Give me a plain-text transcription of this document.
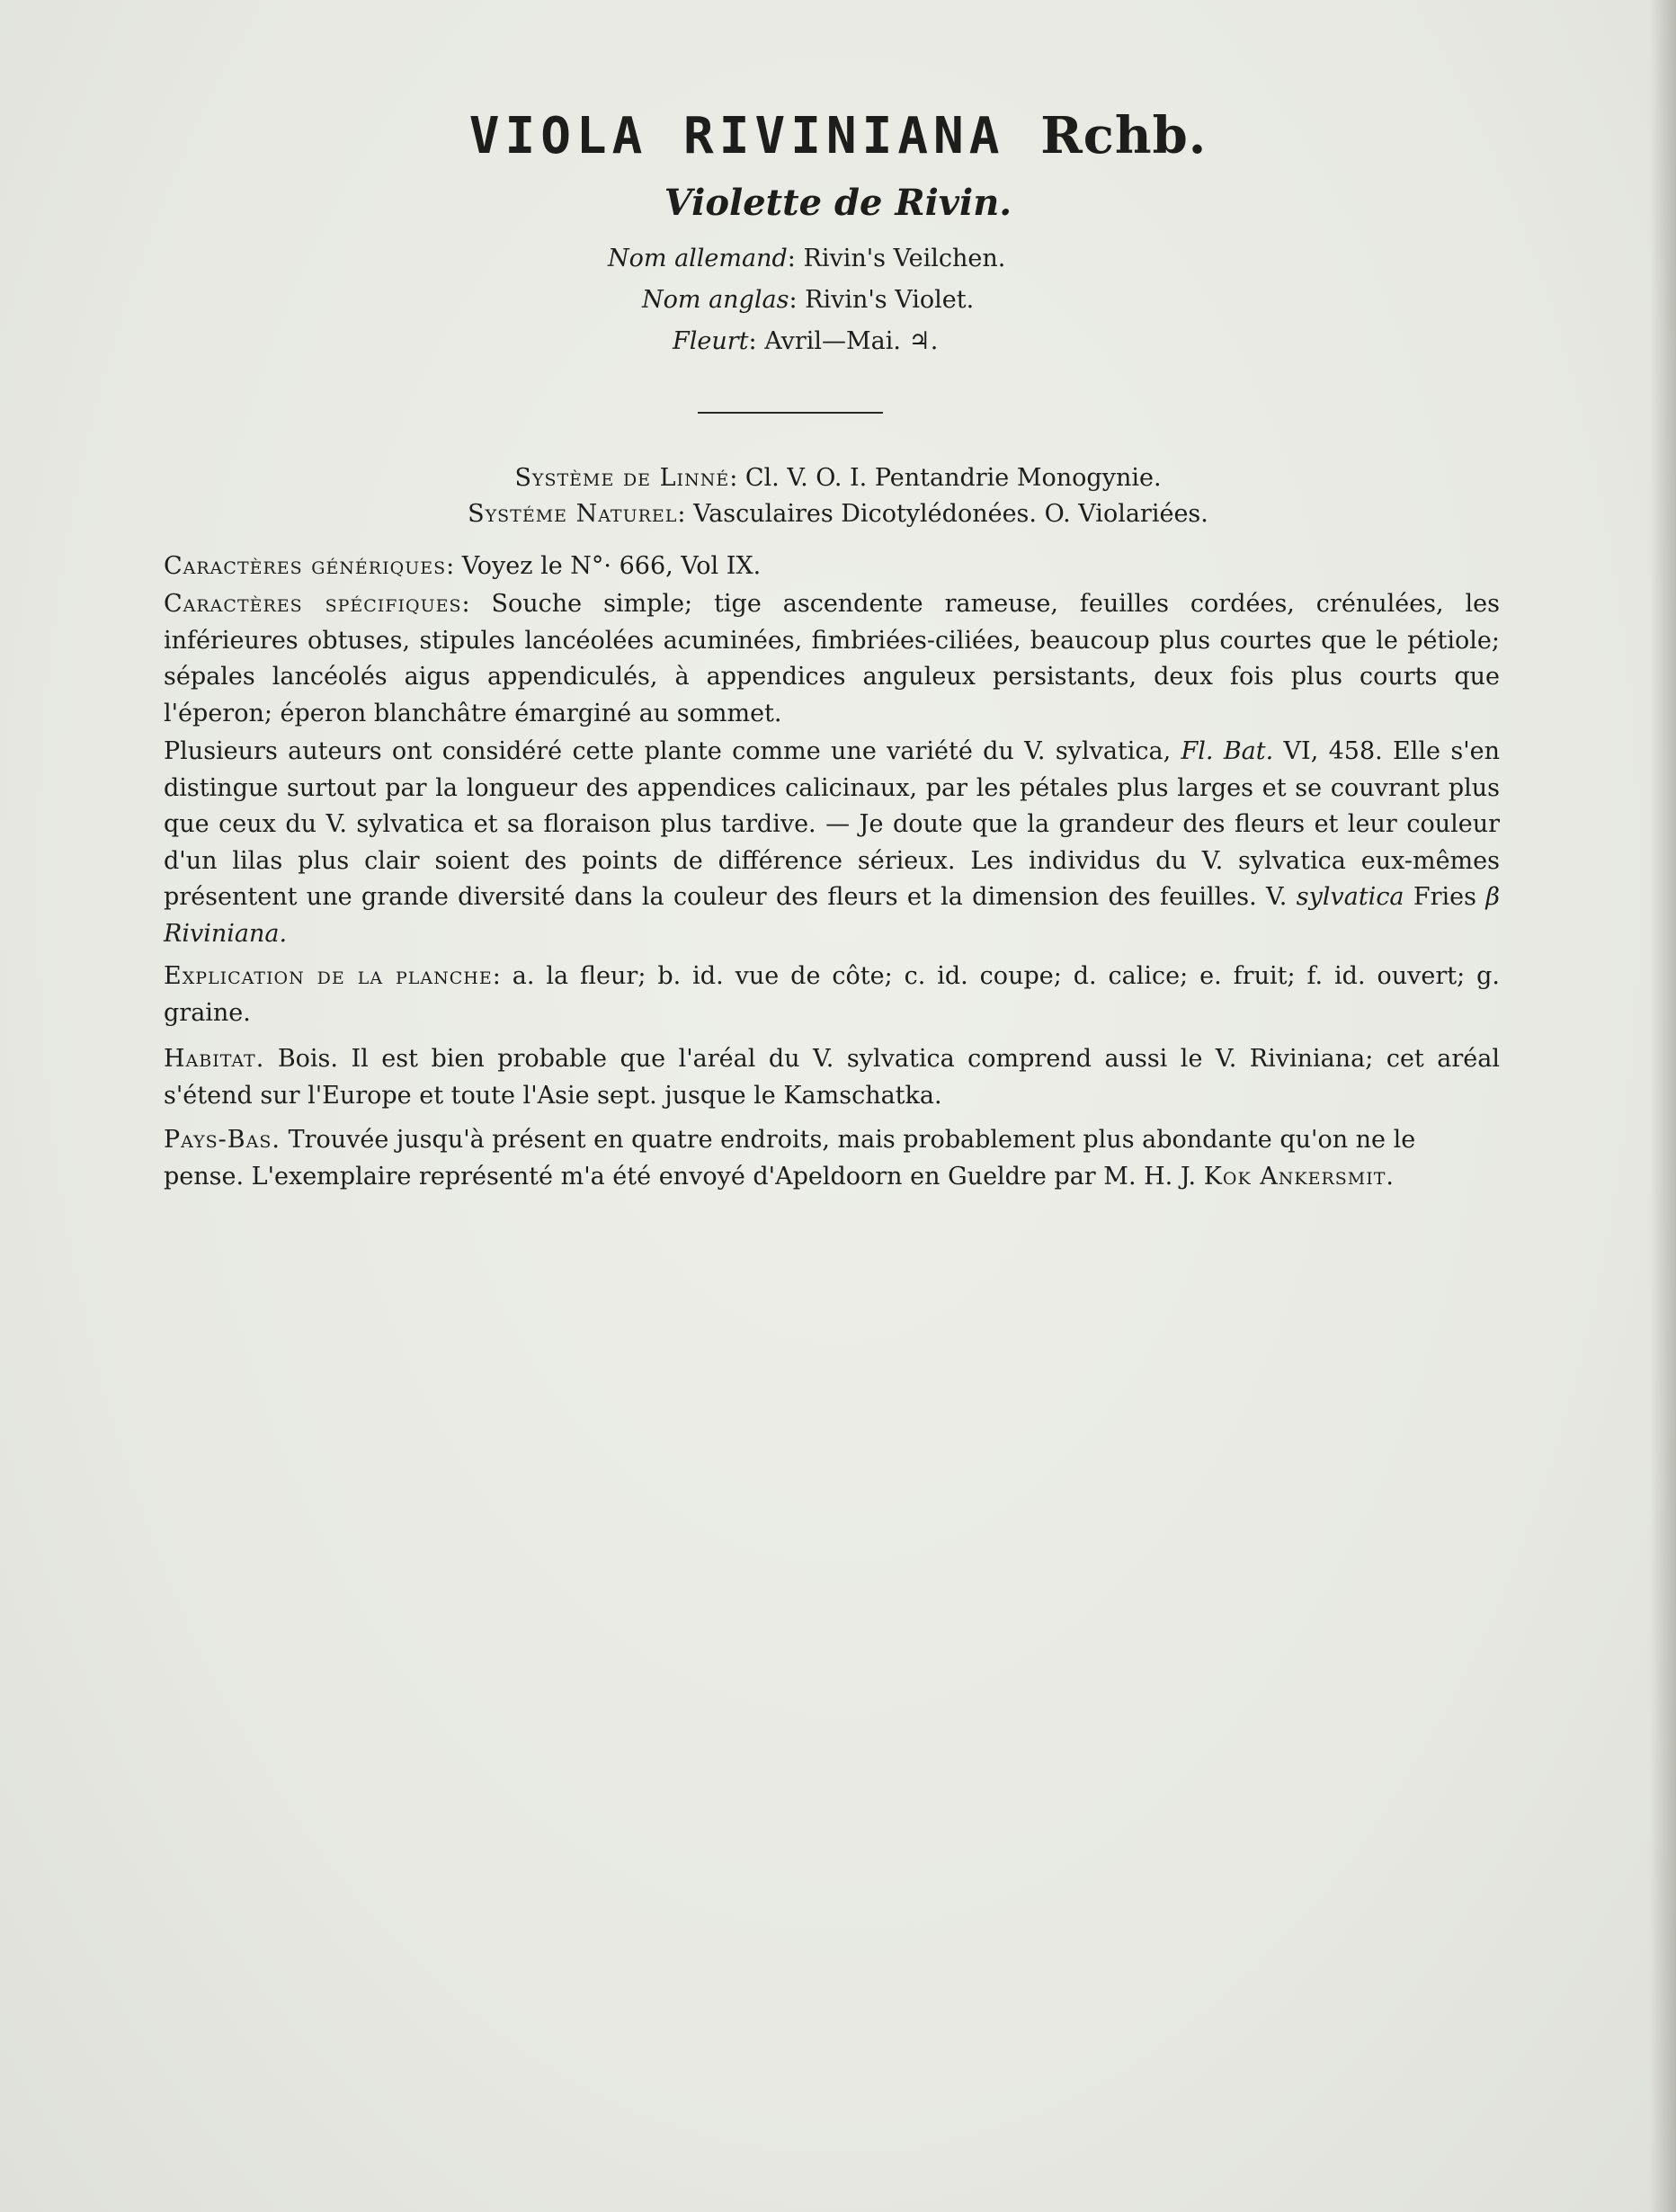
VIOLA RIVINIANA Rchb.
Violette de Rivin.
Nom allemand: Rivin's Veilchen.
Nom anglas: Rivin's Violet.
Fleurt: Avril—Mai. ♃.
Système de Linné: Cl. V. O. I. Pentandrie Monogynie.
Systéme Naturel: Vasculaires Dicotylédonées. O. Violariées.
Caractères génériques: Voyez le N°· 666, Vol IX.
Caractères spécifiques: Souche simple; tige ascendente rameuse, feuilles cordées, crénulées, les inférieures obtuses, stipules lancéolées acuminées, fimbriées-ciliées, beaucoup plus courtes que le pétiole; sépales lancéolés aigus appendiculés, à appendices anguleux persistants, deux fois plus courts que l'éperon; éperon blanchâtre émarginé au sommet.
Plusieurs auteurs ont considéré cette plante comme une variété du V. sylvatica, Fl. Bat. VI, 458. Elle s'en distingue surtout par la longueur des appendices calicinaux, par les pétales plus larges et se couvrant plus que ceux du V. sylvatica et sa floraison plus tardive. — Je doute que la grandeur des fleurs et leur couleur d'un lilas plus clair soient des points de différence sérieux. Les individus du V. sylvatica eux-mêmes présentent une grande diversité dans la couleur des fleurs et la dimension des feuilles. V. sylvatica Fries β Riviniana.
Explication de la planche: a. la fleur; b. id. vue de côte; c. id. coupe; d. calice; e. fruit; f. id. ouvert; g. graine.
Habitat. Bois. Il est bien probable que l'aréal du V. sylvatica comprend aussi le V. Riviniana; cet aréal s'étend sur l'Europe et toute l'Asie sept. jusque le Kamschatka.
Pays-Bas. Trouvée jusqu'à présent en quatre endroits, mais probablement plus abondante qu'on ne le pense. L'exemplaire représenté m'a été envoyé d'Apeldoorn en Gueldre par M. H. J. Kok Ankersmit.
